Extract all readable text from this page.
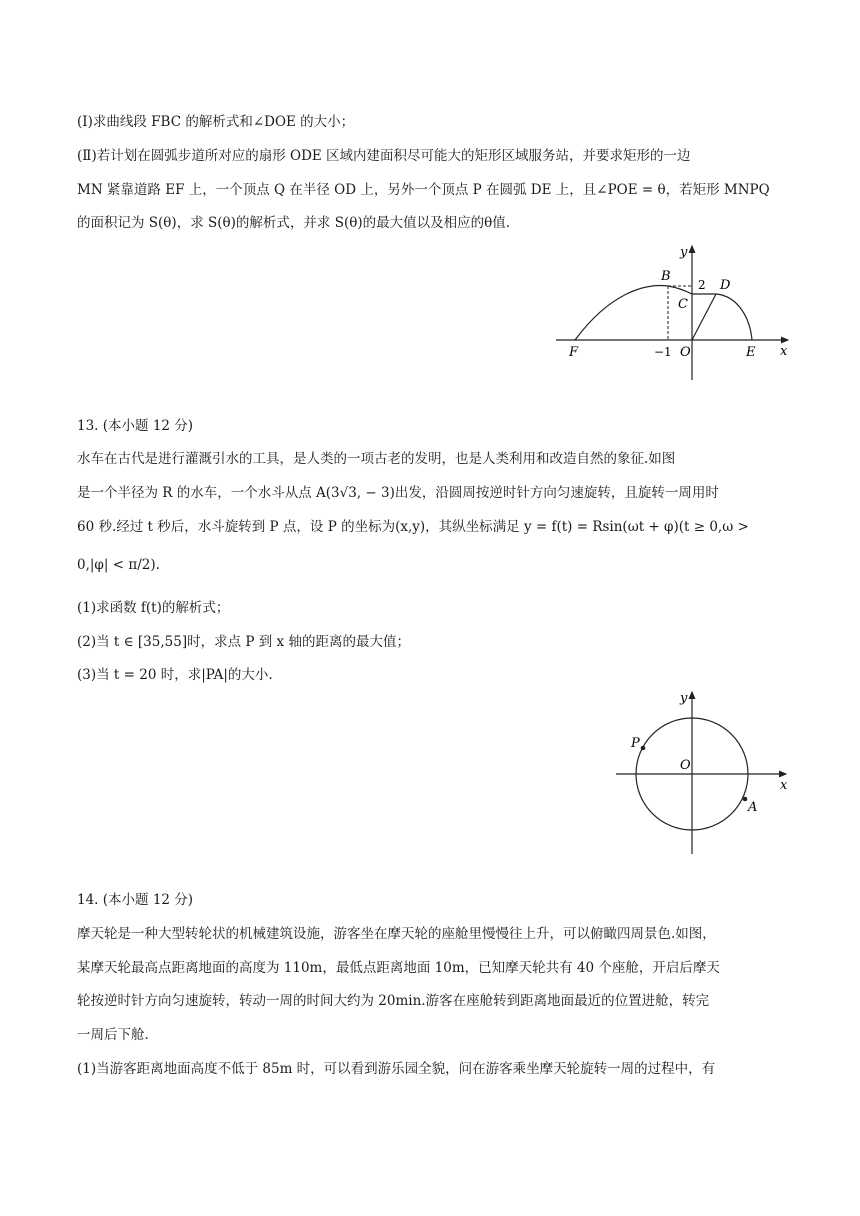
(Ⅰ)求曲线段 FBC 的解析式和∠DOE 的大小；
(Ⅱ)若计划在圆弧步道所对应的扇形 ODE 区域内建面积尽可能大的矩形区域服务站，并要求矩形的一边
MN 紧靠道路 EF 上，一个顶点 Q 在半径 OD 上，另外一个顶点 P 在圆弧 DE 上，且∠POE = θ，若矩形 MNPQ
的面积记为 S(θ)，求 S(θ)的解析式，并求 S(θ)的最大值以及相应的θ值.
y
x
B
2 D
C
F	−1 O	E
13. (本小题 12 分)
水车在古代是进行灌溉引水的工具，是人类的一项古老的发明，也是人类利用和改造自然的象征.如图
是一个半径为 R 的水车，一个水斗从点 A(3√3, − 3)出发，沿圆周按逆时针方向匀速旋转，且旋转一周用时
60 秒.经过 t 秒后，水斗旋转到 P 点，设 P 的坐标为(x,y)，其纵坐标满足 y = f(t) = Rsin(ωt + φ)(t ≥ 0,ω >
0,|φ| < π/2).
(1)求函数 f(t)的解析式；
(2)当 t ∈ [35,55]时，求点 P 到 x 轴的距离的最大值；
(3)当 t = 20 时，求|PA|的大小.
y
x
P
O
A
14. (本小题 12 分)
摩天轮是一种大型转轮状的机械建筑设施，游客坐在摩天轮的座舱里慢慢往上升，可以俯瞰四周景色.如图，
某摩天轮最高点距离地面的高度为 110m，最低点距离地面 10m，已知摩天轮共有 40 个座舱，开启后摩天
轮按逆时针方向匀速旋转，转动一周的时间大约为 20min.游客在座舱转到距离地面最近的位置进舱，转完
一周后下舱.
(1)当游客距离地面高度不低于 85m 时，可以看到游乐园全貌，问在游客乘坐摩天轮旋转一周的过程中，有
